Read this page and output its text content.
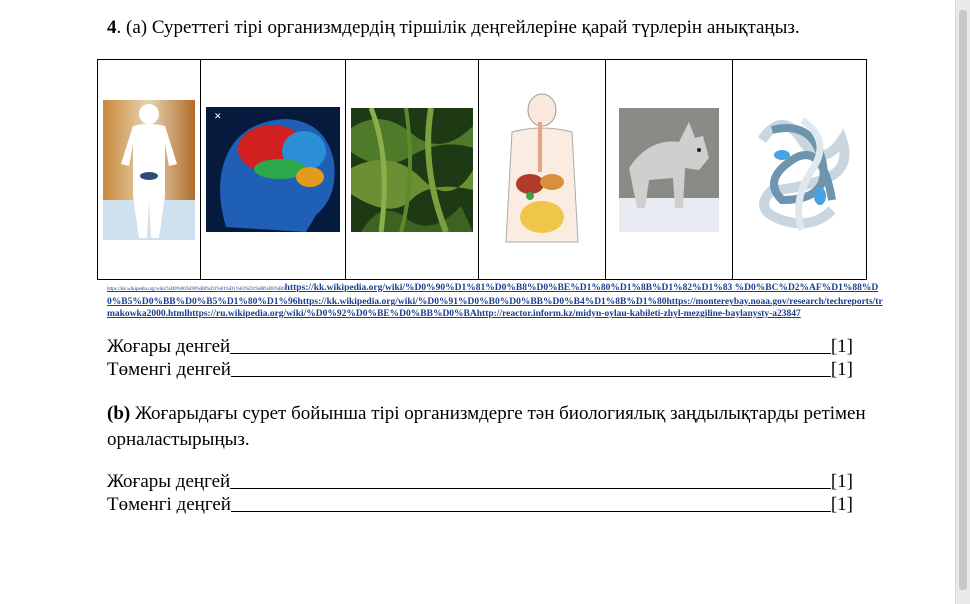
4. (a) Суреттегі тірі организмдердің тіршілік деңгейлеріне қарай түрлерін анықтаңыз.

✕

https://kk.wikipedia.org/wiki/%D0%96%D0%B0%D1%81%D1%83%D1%88%D0%B0https://kk.wikipedia.org/wiki/%D0%90%D1%81%D0%B8%D0%BE%D1%80%D1%8B%D1%82%D1%83 %D0%BC%D2%AF%D1%88%D0%B5%D0%BB%D0%B5%D1%80%D1%96https://kk.wikipedia.org/wiki/%D0%91%D0%B0%D0%BB%D0%B4%D1%8B%D1%80https://montereybay.noaa.gov/research/techreports/trmakowka2000.htmlhttps://ru.wikipedia.org/wiki/%D0%92%D0%BE%D0%BB%D0%BAhttp://reactor.inform.kz/midyn-oylau-kabileti-zhyl-mezgiline-baylanysty-a23847
Жоғары денгей	[1]
Төменгі денгей	[1]
(b) Жоғарыдағы сурет бойынша тірі организмдерге тән биологиялық заңдылықтарды ретімен орналастырыңыз.
Жоғары деңгей	[1]
Төменгі деңгей	[1]
